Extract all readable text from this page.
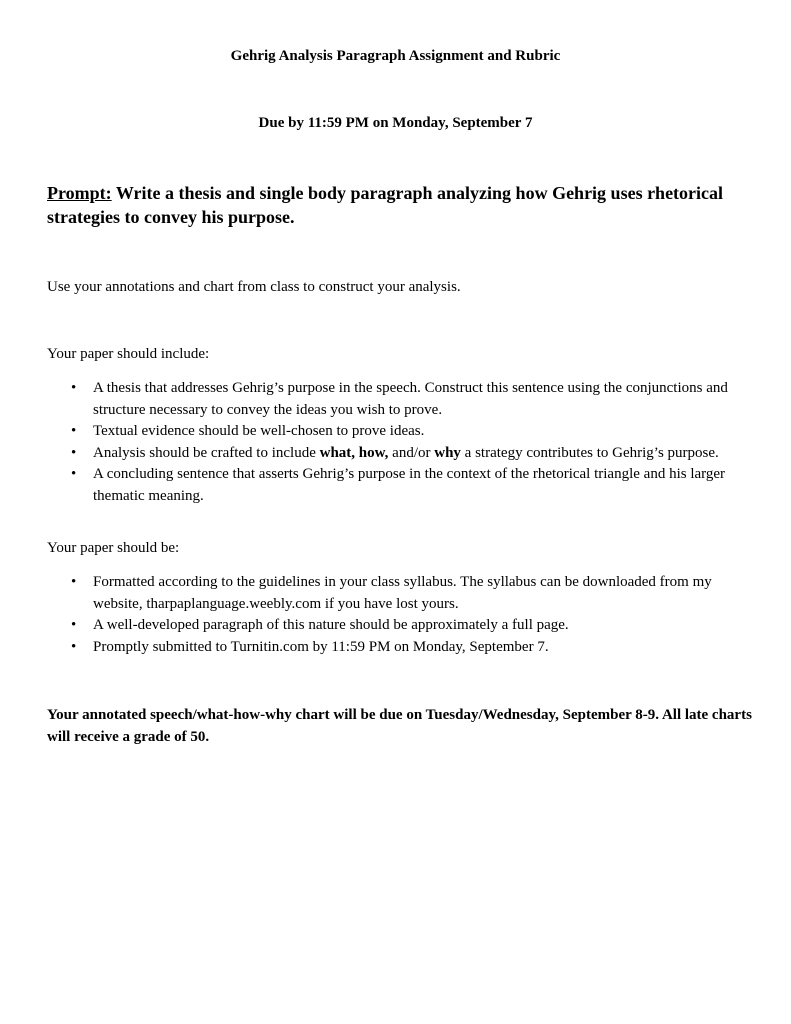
Gehrig Analysis Paragraph Assignment and Rubric
Due by 11:59 PM on Monday, September 7
Prompt: Write a thesis and single body paragraph analyzing how Gehrig uses rhetorical strategies to convey his purpose.
Use your annotations and chart from class to construct your analysis.
Your paper should include:
• A thesis that addresses Gehrig’s purpose in the speech. Construct this sentence using the conjunctions and structure necessary to convey the ideas you wish to prove.
• Textual evidence should be well-chosen to prove ideas.
• Analysis should be crafted to include what, how, and/or why a strategy contributes to Gehrig’s purpose.
• A concluding sentence that asserts Gehrig’s purpose in the context of the rhetorical triangle and his larger thematic meaning.
Your paper should be:
• Formatted according to the guidelines in your class syllabus. The syllabus can be downloaded from my website, tharpaplanguage.weebly.com if you have lost yours.
• A well-developed paragraph of this nature should be approximately a full page.
• Promptly submitted to Turnitin.com by 11:59 PM on Monday, September 7.
Your annotated speech/what-how-why chart will be due on Tuesday/Wednesday, September 8-9. All late charts will receive a grade of 50.
